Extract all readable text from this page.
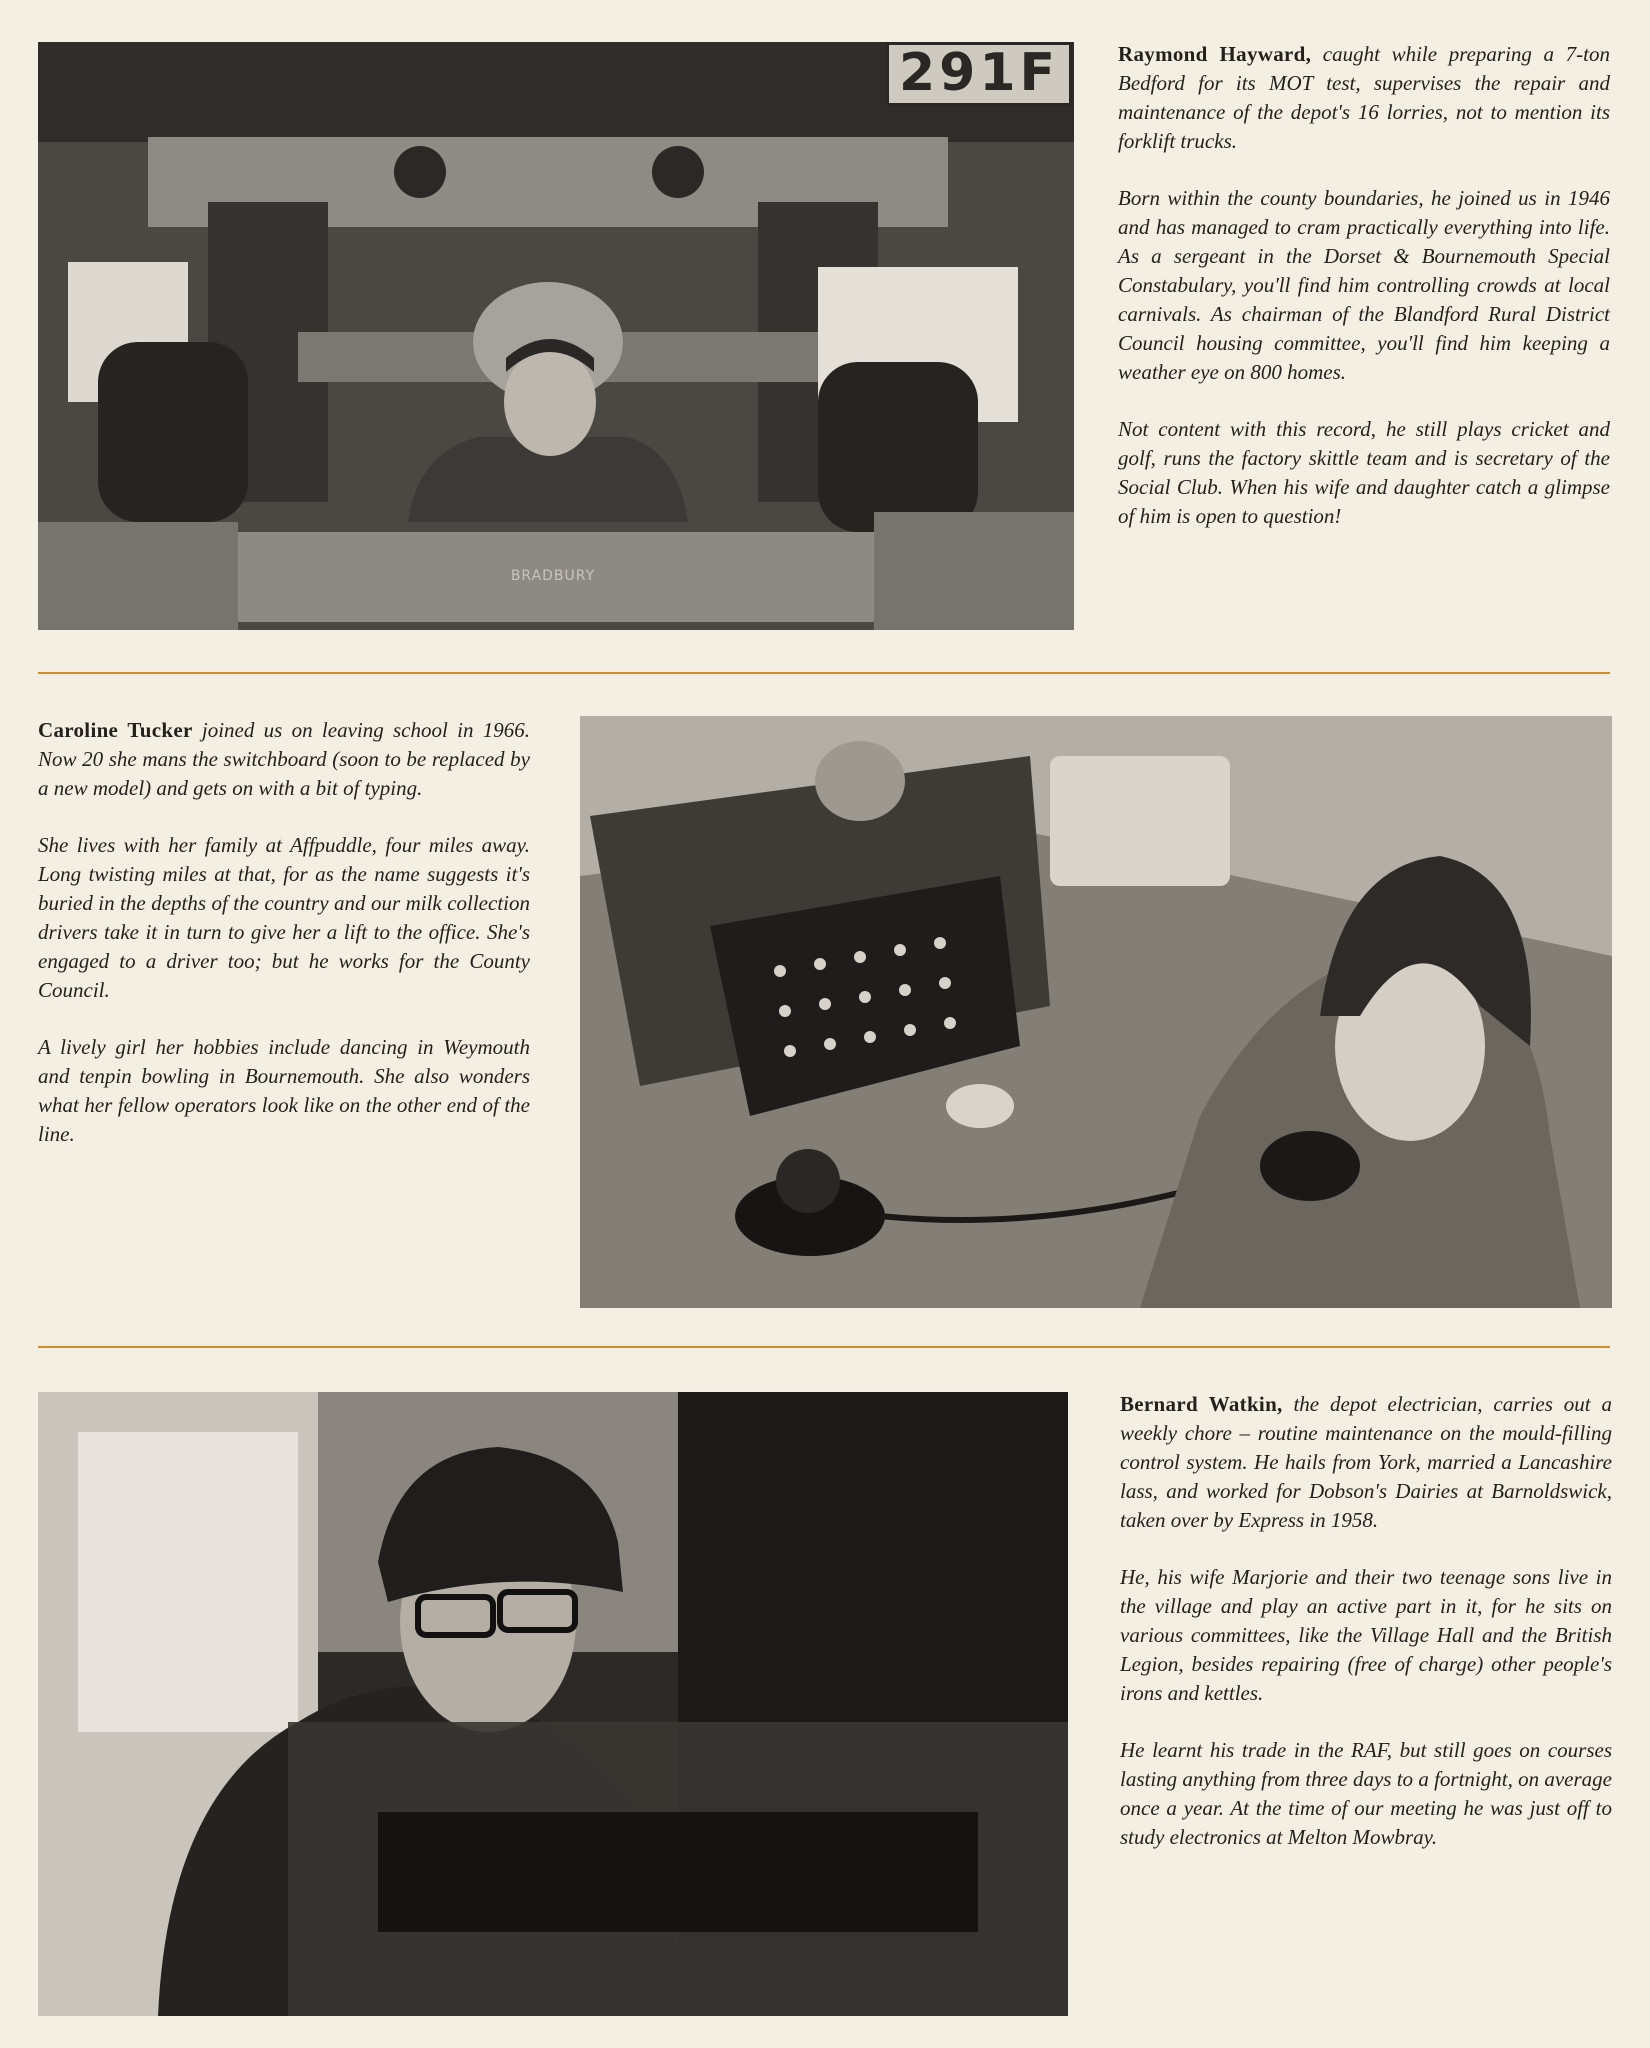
291F
BRADBURY

Raymond Hayward, caught while preparing a 7-ton Bedford for its MOT test, supervises the repair and maintenance of the depot's 16 lorries, not to mention its forklift trucks.

Born within the county boundaries, he joined us in 1946 and has managed to cram practically everything into life. As a sergeant in the Dorset & Bournemouth Special Constabulary, you'll find him controlling crowds at local carnivals. As chairman of the Blandford Rural District Council housing committee, you'll find him keeping a weather eye on 800 homes.

Not content with this record, he still plays cricket and golf, runs the factory skittle team and is secretary of the Social Club. When his wife and daughter catch a glimpse of him is open to question!

Caroline Tucker joined us on leaving school in 1966. Now 20 she mans the switchboard (soon to be replaced by a new model) and gets on with a bit of typing.

She lives with her family at Affpuddle, four miles away. Long twisting miles at that, for as the name suggests it's buried in the depths of the country and our milk collection drivers take it in turn to give her a lift to the office. She's engaged to a driver too; but he works for the County Council.

A lively girl her hobbies include dancing in Weymouth and tenpin bowling in Bournemouth. She also wonders what her fellow operators look like on the other end of the line.

Bernard Watkin, the depot electrician, carries out a weekly chore – routine maintenance on the mould-filling control system. He hails from York, married a Lancashire lass, and worked for Dobson's Dairies at Barnoldswick, taken over by Express in 1958.

He, his wife Marjorie and their two teenage sons live in the village and play an active part in it, for he sits on various committees, like the Village Hall and the British Legion, besides repairing (free of charge) other people's irons and kettles.

He learnt his trade in the RAF, but still goes on courses lasting anything from three days to a fortnight, on average once a year. At the time of our meeting he was just off to study electronics at Melton Mowbray.
